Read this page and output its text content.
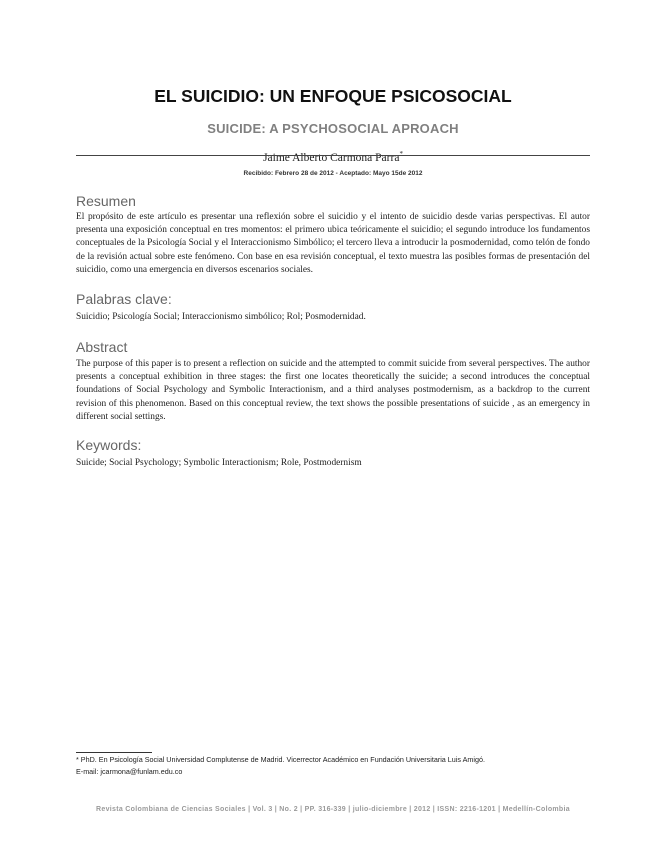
EL SUICIDIO: UN ENFOQUE PSICOSOCIAL
SUICIDE: A PSYCHOSOCIAL APROACH
Jaime Alberto Carmona Parra*
Recibido: Febrero 28 de 2012 - Aceptado: Mayo 15de 2012
Resumen

El propósito de este artículo es presentar una reflexión sobre el suicidio y el intento de suicidio desde varias perspectivas. El autor presenta una exposición conceptual en tres momentos: el primero ubica teóricamente el suicidio; el segundo introduce los fundamentos conceptuales de la Psicología Social y el Interaccionismo Simbólico; el tercero lleva a introducir la posmodernidad, como telón de fondo de la revisión actual sobre este fenómeno. Con base en esa revisión conceptual, el texto muestra las posibles formas de presentación del suicidio, como una emergencia en diversos escenarios sociales.

Palabras clave:

Suicidio; Psicología Social; Interaccionismo simbólico; Rol; Posmodernidad.

Abstract

The purpose of this paper is to present a reflection on suicide and the attempted to commit suicide from several perspectives. The author presents a conceptual exhibition in three stages: the first one locates theoretically the suicide; a second introduces the conceptual foundations of Social Psychology and Symbolic Interactionism, and a third analyses postmodernism, as a backdrop to the current revision of this phenomenon. Based on this conceptual review, the text shows the possible presentations of suicide , as an emergency in different social settings.

Keywords:

Suicide; Social Psychology; Symbolic Interactionism; Role, Postmodernism

* PhD. En Psicología Social Universidad Complutense de Madrid. Vicerrector Académico en Fundación Universitaria Luis Amigó.
E-mail: jcarmona@funlam.edu.co
Revista Colombiana de Ciencias Sociales | Vol. 3 | No. 2 | PP. 316-339 | julio-diciembre | 2012 | ISSN: 2216-1201 | Medellín-Colombia
